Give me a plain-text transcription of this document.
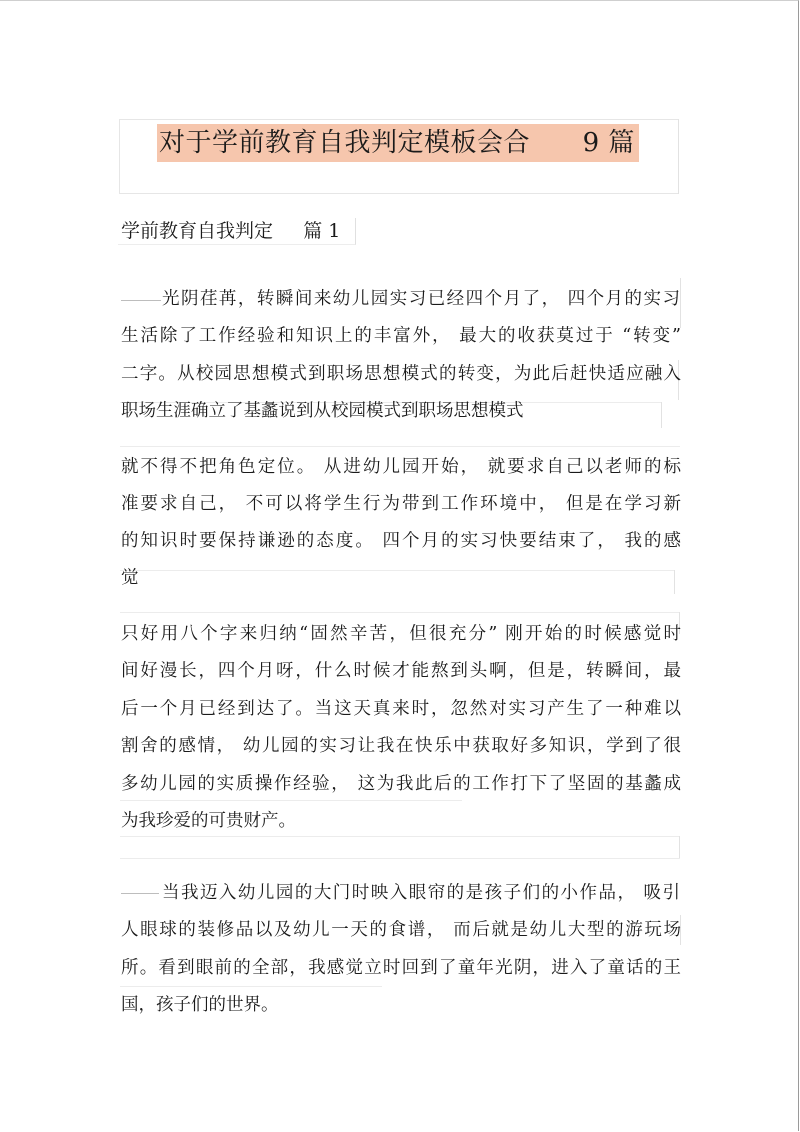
对于学前教育自我判定模板会合      9 篇
学前教育自我判定     篇 1
光阴荏苒，转瞬间来幼儿园实习已经四个月了， 四个月的实习
生活除了工作经验和知识上的丰富外， 最大的收获莫过于 “转变”
二字。从校园思想模式到职场思想模式的转变，为此后赶快适应融入
职场生涯确立了基蠡说到从校园模式到职场思想模式
就不得不把角色定位。 从进幼儿园开始， 就要求自己以老师的标
准要求自己， 不可以将学生行为带到工作环境中， 但是在学习新
的知识时要保持谦逊的态度。 四个月的实习快要结束了， 我的感
觉
只好用八个字来归纳“固然辛苦，但很充分” 刚开始的时候感觉时
间好漫长，四个月呀，什么时候才能熬到头啊，但是，转瞬间，最
后一个月已经到达了。当这天真来时，忽然对实习产生了一种难以
割舍的感情， 幼儿园的实习让我在快乐中获取好多知识，学到了很
多幼儿园的实质操作经验， 这为我此后的工作打下了坚固的基蠡成
为我珍爱的可贵财产。
当我迈入幼儿园的大门时映入眼帘的是孩子们的小作品， 吸引
人眼球的装修品以及幼儿一天的食谱， 而后就是幼儿大型的游玩场
所。看到眼前的全部，我感觉立时回到了童年光阴，进入了童话的王
国，孩子们的世界。
